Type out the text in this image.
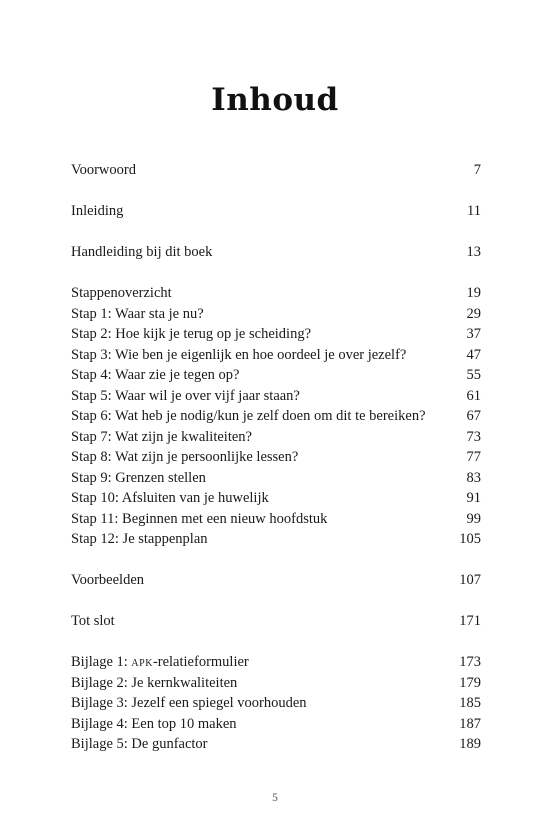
Inhoud
Voorwoord	7
Inleiding	11
Handleiding bij dit boek	13
Stappenoverzicht	19
Stap 1: Waar sta je nu?	29
Stap 2: Hoe kijk je terug op je scheiding?	37
Stap 3: Wie ben je eigenlijk en hoe oordeel je over jezelf?	47
Stap 4: Waar zie je tegen op?	55
Stap 5: Waar wil je over vijf jaar staan?	61
Stap 6: Wat heb je nodig/kun je zelf doen om dit te bereiken?	67
Stap 7: Wat zijn je kwaliteiten?	73
Stap 8: Wat zijn je persoonlijke lessen?	77
Stap 9: Grenzen stellen	83
Stap 10: Afsluiten van je huwelijk	91
Stap 11: Beginnen met een nieuw hoofdstuk	99
Stap 12: Je stappenplan	105
Voorbeelden	107
Tot slot	171
Bijlage 1: apk-relatieformulier	173
Bijlage 2: Je kernkwaliteiten	179
Bijlage 3: Jezelf een spiegel voorhouden	185
Bijlage 4: Een top 10 maken	187
Bijlage 5: De gunfactor	189
5
